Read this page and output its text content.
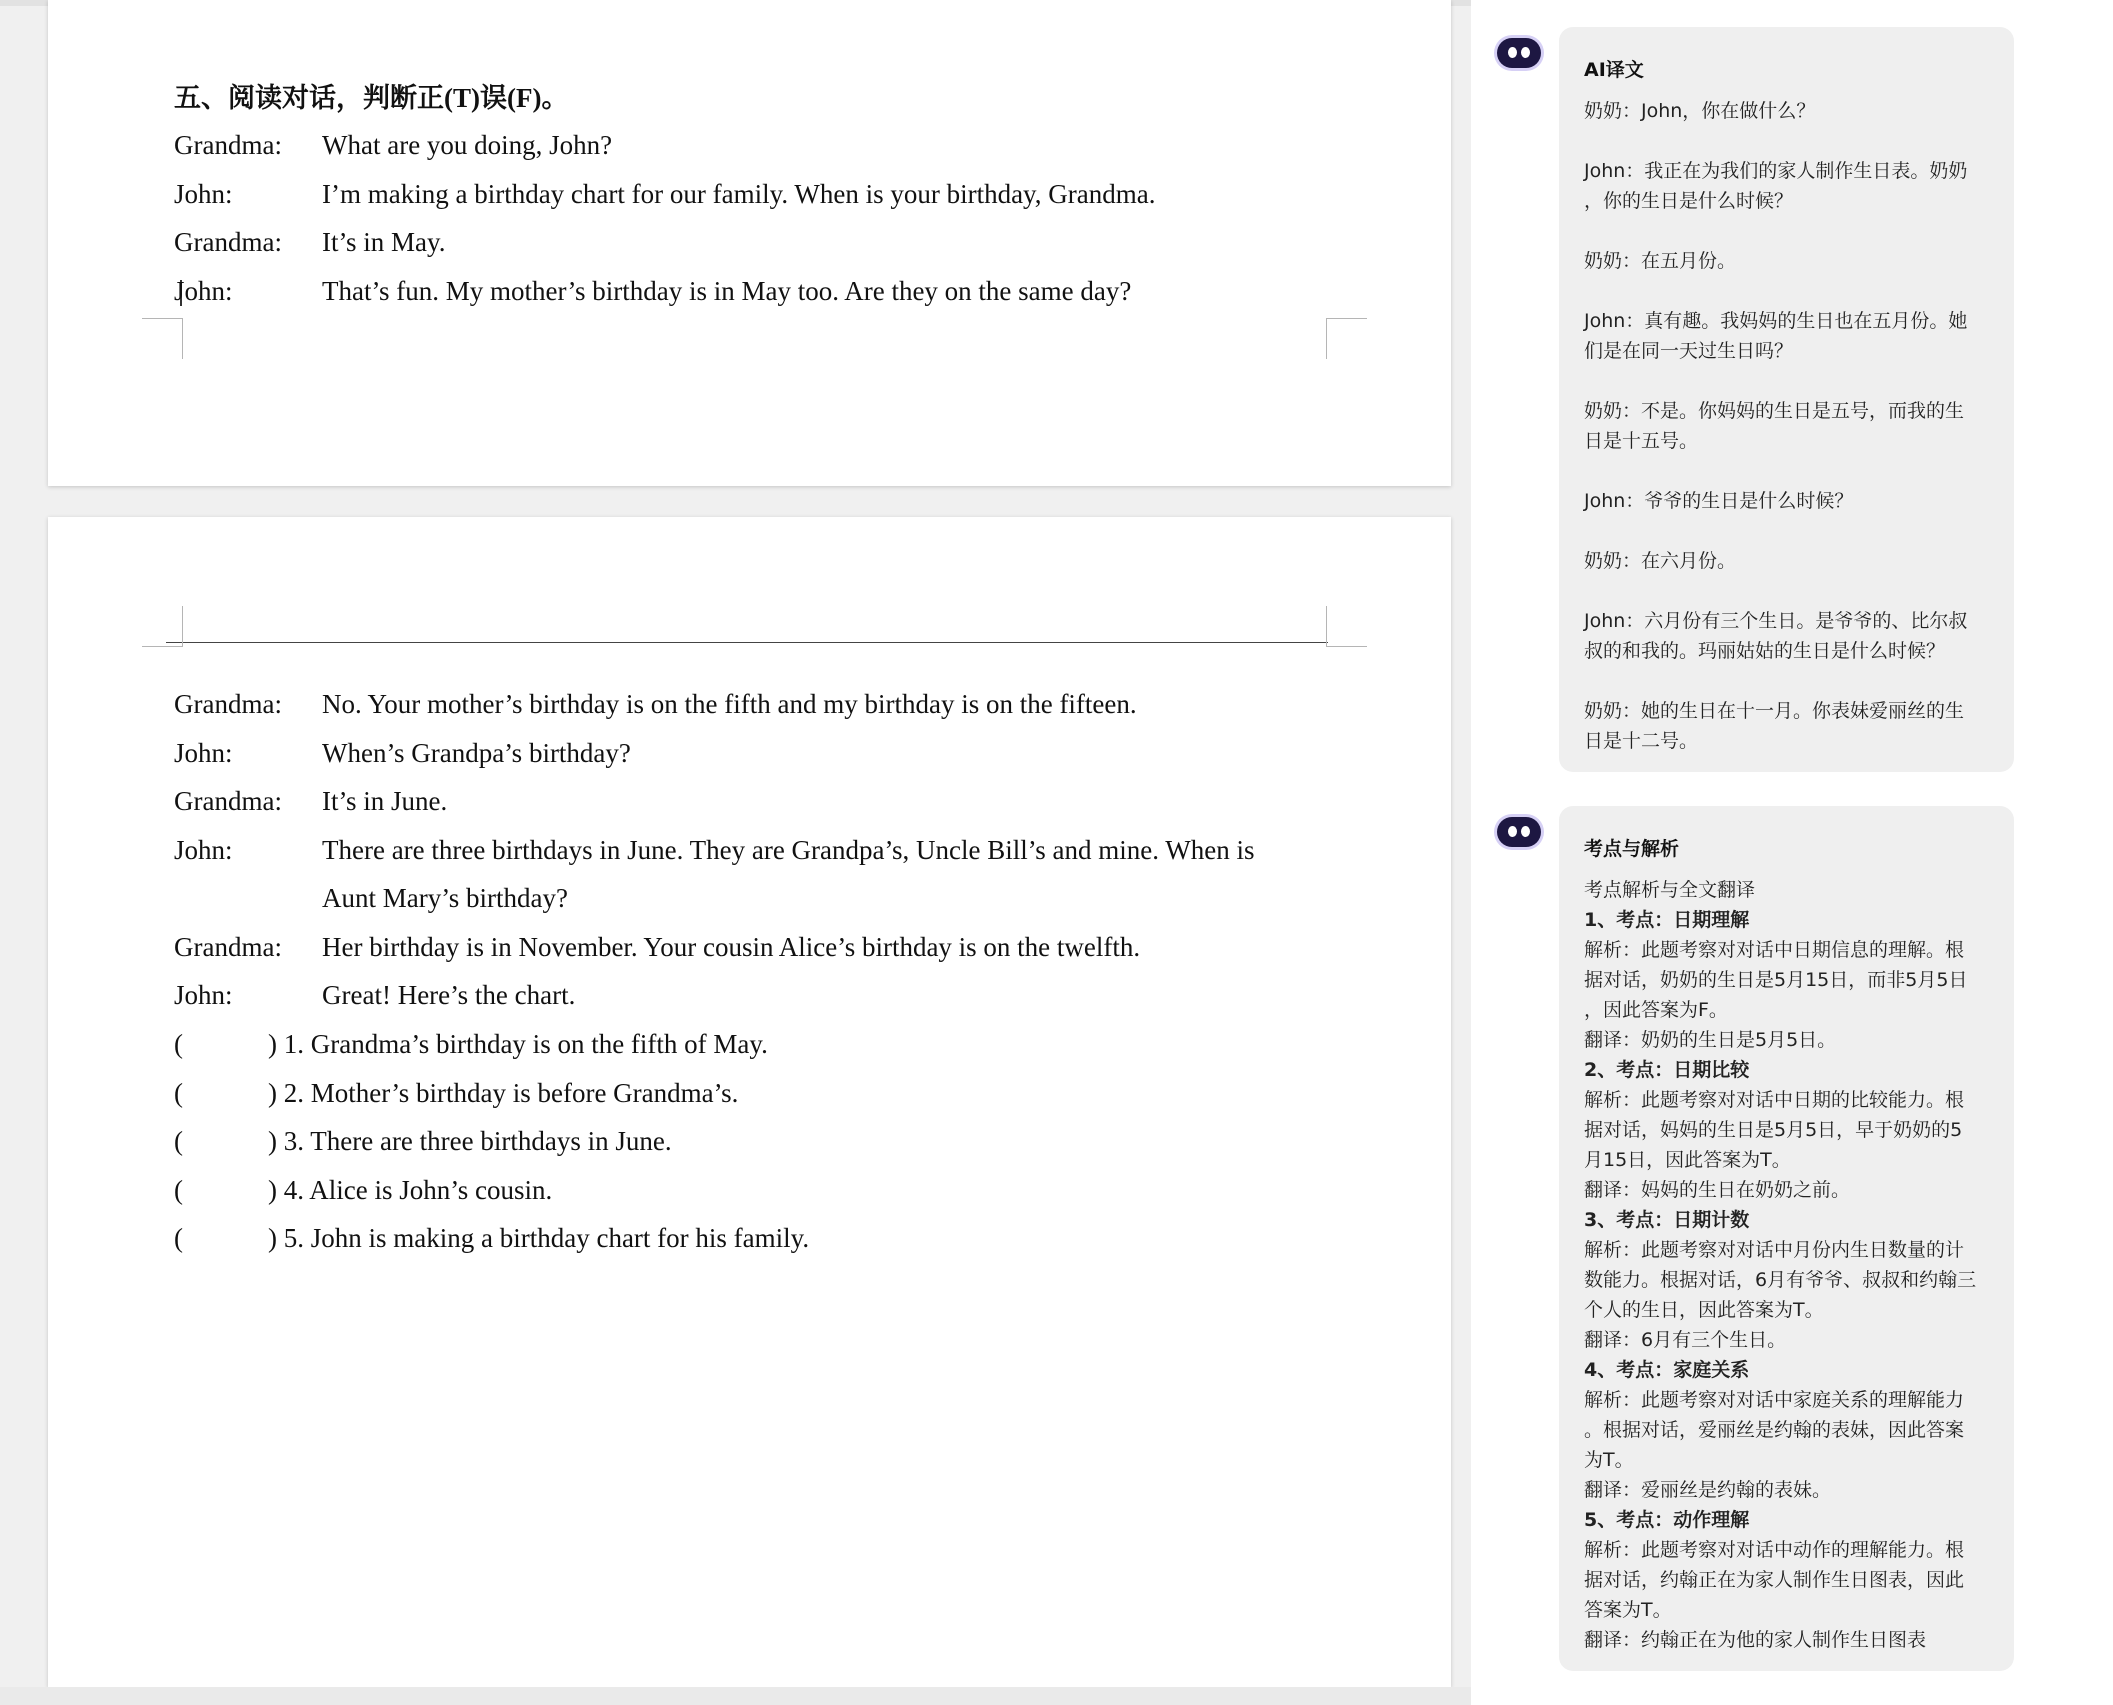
五、阅读对话，判断正(T)误(F)。
Grandma: What are you doing, John?
John:	I’m making a birthday chart for our family. When is your birthday, Grandma.
Grandma: It’s in May.
John:	That’s fun. My mother’s birthday is in May too. Are they on the same day?
Grandma: No. Your mother’s birthday is on the fifth and my birthday is on the fifteen.
John:	When’s Grandpa’s birthday?
Grandma: It’s in June.
John:	There are three birthdays in June. They are Grandpa’s, Uncle Bill’s and mine. When is
Aunt Mary’s birthday?
Grandma: Her birthday is in November. Your cousin Alice’s birthday is on the twelfth.
John:	Great! Here’s the chart.
(	) 1. Grandma’s birthday is on the fifth of May.
(	) 2. Mother’s birthday is before Grandma’s.
(	) 3. There are three birthdays in June.
(	) 4. Alice is John’s cousin.
(	) 5. John is making a birthday chart for his family.
AI译文
奶奶：John，你在做什么？
John：我正在为我们的家人制作生日表。奶奶
，你的生日是什么时候？
奶奶：在五月份。
John：真有趣。我妈妈的生日也在五月份。她
们是在同一天过生日吗？
奶奶：不是。你妈妈的生日是五号，而我的生
日是十五号。
John：爷爷的生日是什么时候？
奶奶：在六月份。
John：六月份有三个生日。是爷爷的、比尔叔
叔的和我的。玛丽姑姑的生日是什么时候？
奶奶：她的生日在十一月。你表妹爱丽丝的生
日是十二号。
考点与解析
考点解析与全文翻译
1、考点：日期理解
解析：此题考察对对话中日期信息的理解。根
据对话，奶奶的生日是5月15日，而非5月5日
，因此答案为F。
翻译：奶奶的生日是5月5日。
2、考点：日期比较
解析：此题考察对对话中日期的比较能力。根
据对话，妈妈的生日是5月5日，早于奶奶的5
月15日，因此答案为T。
翻译：妈妈的生日在奶奶之前。
3、考点：日期计数
解析：此题考察对对话中月份内生日数量的计
数能力。根据对话，6月有爷爷、叔叔和约翰三
个人的生日，因此答案为T。
翻译：6月有三个生日。
4、考点：家庭关系
解析：此题考察对对话中家庭关系的理解能力
。根据对话，爱丽丝是约翰的表妹，因此答案
为T。
翻译：爱丽丝是约翰的表妹。
5、考点：动作理解
解析：此题考察对对话中动作的理解能力。根
据对话，约翰正在为家人制作生日图表，因此
答案为T。
翻译：约翰正在为他的家人制作生日图表
